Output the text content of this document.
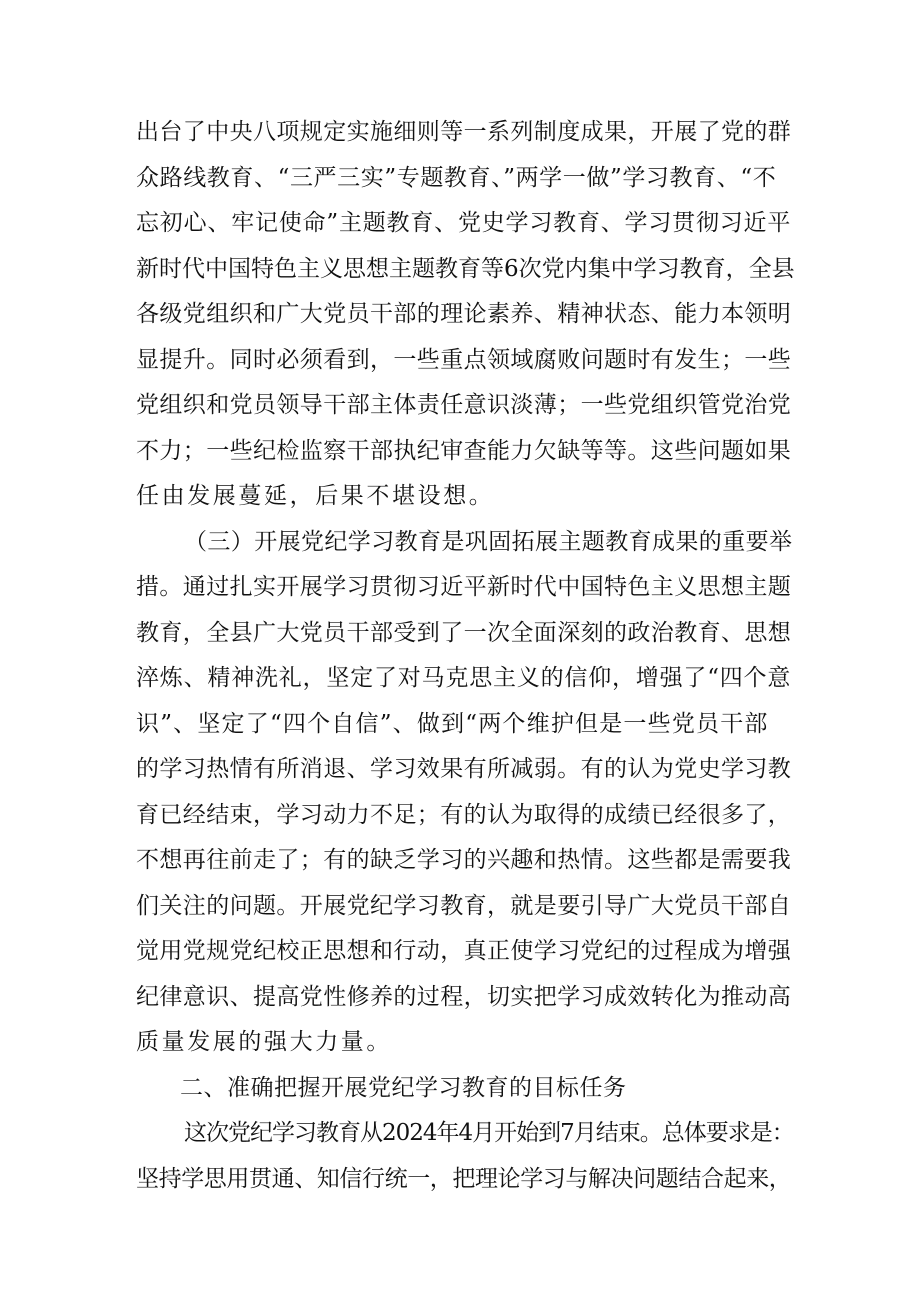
出台了中央八项规定实施细则等一系列制度成果，开展了党的群
众路线教育、“三严三实”专题教育、”两学一做”学习教育、“不
忘初心、牢记使命”主题教育、党史学习教育、学习贯彻习近平
新时代中国特色主义思想主题教育等6次党内集中学习教育，全县
各级党组织和广大党员干部的理论素养、精神状态、能力本领明
显提升。同时必须看到，一些重点领域腐败问题时有发生；一些
党组织和党员领导干部主体责任意识淡薄；一些党组织管党治党
不力；一些纪检监察干部执纪审查能力欠缺等等。这些问题如果
任由发展蔓延，后果不堪设想。
（三）开展党纪学习教育是巩固拓展主题教育成果的重要举
措。通过扎实开展学习贯彻习近平新时代中国特色主义思想主题
教育，全县广大党员干部受到了一次全面深刻的政治教育、思想
淬炼、精神洗礼，坚定了对马克思主义的信仰，增强了“四个意
识”、坚定了“四个自信”、做到“两个维护但是一些党员干部
的学习热情有所消退、学习效果有所减弱。有的认为党史学习教
育已经结束，学习动力不足；有的认为取得的成绩已经很多了，
不想再往前走了；有的缺乏学习的兴趣和热情。这些都是需要我
们关注的问题。开展党纪学习教育，就是要引导广大党员干部自
觉用党规党纪校正思想和行动，真正使学习党纪的过程成为增强
纪律意识、提高党性修养的过程，切实把学习成效转化为推动高
质量发展的强大力量。
二、准确把握开展党纪学习教育的目标任务
这次党纪学习教育从2024年4月开始到7月结束。总体要求是：
坚持学思用贯通、知信行统一，把理论学习与解决问题结合起来，
